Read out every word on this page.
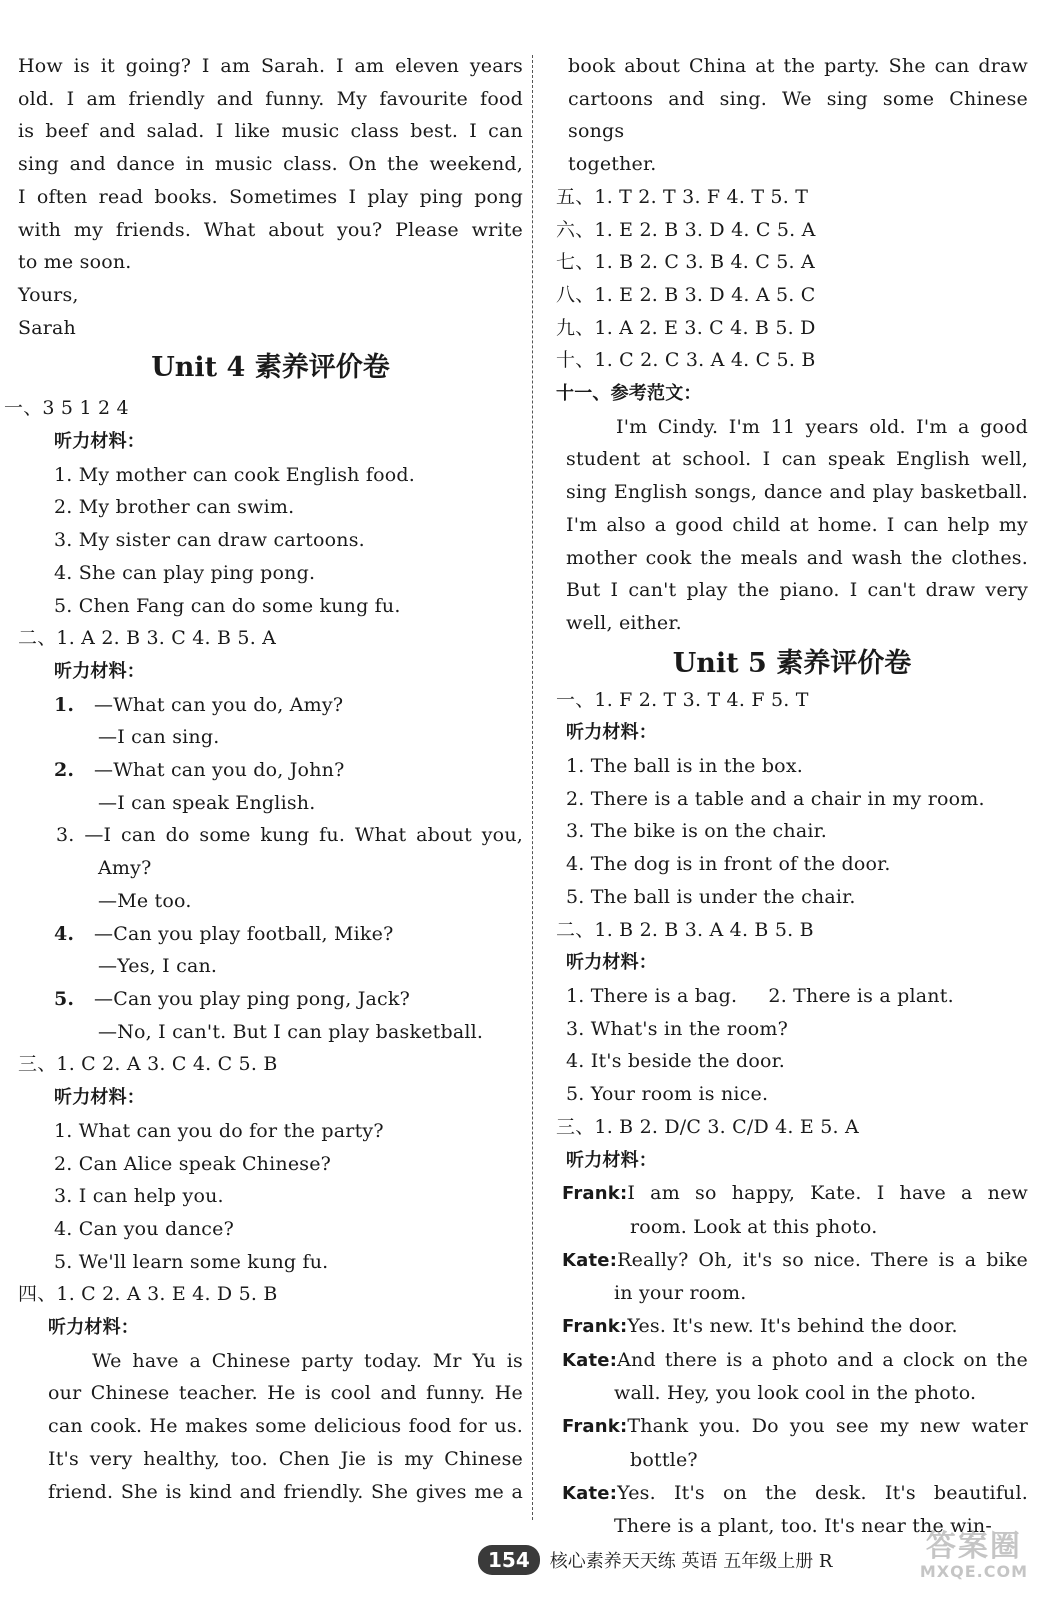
How is it going? I am Sarah. I am eleven years
old. I am friendly and funny. My favourite food
is beef and salad. I like music class best. I can
sing and dance in music class. On the weekend,
I often read books. Sometimes I play ping pong
with my friends. What about you? Please write
to me soon.
Yours,
Sarah
Unit 4 素养评价卷
一、3 5 1 2 4
听力材料：
1. My mother can cook English food.
2. My brother can swim.
3. My sister can draw cartoons.
4. She can play ping pong.
5. Chen Fang can do some kung fu.
二、1. A 2. B 3. C 4. B 5. A
听力材料：
1. —What can you do, Amy?
—I can sing.
2. —What can you do, John?
—I can speak English.
3. —I can do some kung fu. What about you,
Amy?
—Me too.
4. —Can you play football, Mike?
—Yes, I can.
5. —Can you play ping pong, Jack?
—No, I can't. But I can play basketball.
三、1. C 2. A 3. C 4. C 5. B
听力材料：
1. What can you do for the party?
2. Can Alice speak Chinese?
3. I can help you.
4. Can you dance?
5. We'll learn some kung fu.
四、1. C 2. A 3. E 4. D 5. B
听力材料：
We have a Chinese party today. Mr Yu is
our Chinese teacher. He is cool and funny. He
can cook. He makes some delicious food for us.
It's very healthy, too. Chen Jie is my Chinese
friend. She is kind and friendly. She gives me a
book about China at the party. She can draw
cartoons and sing. We sing some Chinese songs
together.
五、1. T 2. T 3. F 4. T 5. T
六、1. E 2. B 3. D 4. C 5. A
七、1. B 2. C 3. B 4. C 5. A
八、1. E 2. B 3. D 4. A 5. C
九、1. A 2. E 3. C 4. B 5. D
十、1. C 2. C 3. A 4. C 5. B
十一、参考范文：
I'm Cindy. I'm 11 years old. I'm a good
student at school. I can speak English well,
sing English songs, dance and play basketball.
I'm also a good child at home. I can help my
mother cook the meals and wash the clothes.
But I can't play the piano. I can't draw very
well, either.
Unit 5 素养评价卷
一、1. F 2. T 3. T 4. F 5. T
听力材料：
1. The ball is in the box.
2. There is a table and a chair in my room.
3. The bike is on the chair.
4. The dog is in front of the door.
5. The ball is under the chair.
二、1. B 2. B 3. A 4. B 5. B
听力材料：
1. There is a bag.     2. There is a plant.
3. What's in the room?
4. It's beside the door.
5. Your room is nice.
三、1. B 2. D/C 3. C/D 4. E 5. A
听力材料：
Frank:I am so happy, Kate. I have a new
room. Look at this photo.
Kate:Really? Oh, it's so nice. There is a bike
in your room.
Frank:Yes. It's new. It's behind the door.
Kate:And there is a photo and a clock on the
wall. Hey, you look cool in the photo.
Frank:Thank you. Do you see my new water
bottle?
Kate:Yes. It's on the desk. It's beautiful.
There is a plant, too. It's near the win-
154	核心素养天天练 英语 五年级上册 R	答案圈
MXQE.COM
